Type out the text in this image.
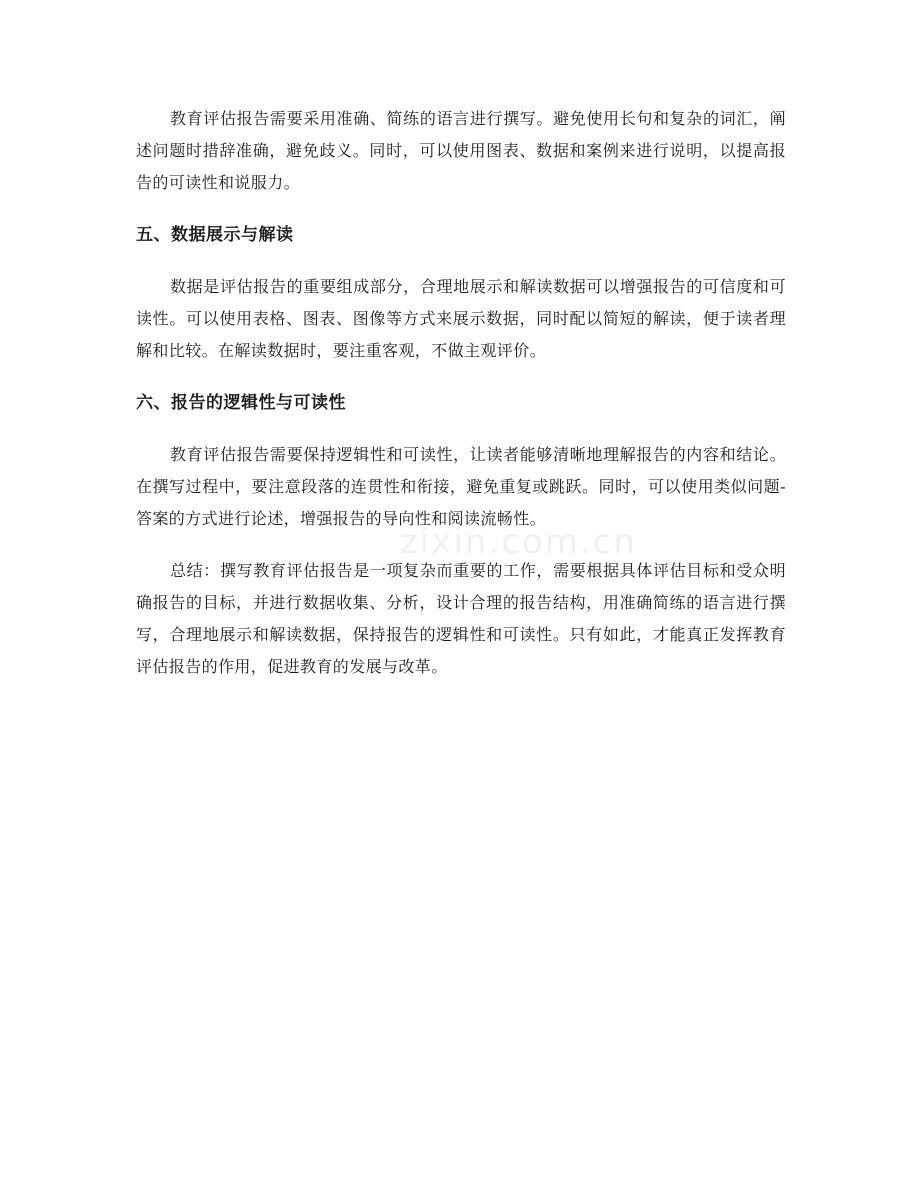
教育评估报告需要采用准确、简练的语言进行撰写。避免使用长句和复杂的词汇，阐述问题时措辞准确，避免歧义。同时，可以使用图表、数据和案例来进行说明，以提高报告的可读性和说服力。

五、数据展示与解读

数据是评估报告的重要组成部分，合理地展示和解读数据可以增强报告的可信度和可读性。可以使用表格、图表、图像等方式来展示数据，同时配以简短的解读，便于读者理解和比较。在解读数据时，要注重客观，不做主观评价。

六、报告的逻辑性与可读性

教育评估报告需要保持逻辑性和可读性，让读者能够清晰地理解报告的内容和结论。在撰写过程中，要注意段落的连贯性和衔接，避免重复或跳跃。同时，可以使用类似问题-答案的方式进行论述，增强报告的导向性和阅读流畅性。

总结：撰写教育评估报告是一项复杂而重要的工作，需要根据具体评估目标和受众明确报告的目标，并进行数据收集、分析，设计合理的报告结构，用准确简练的语言进行撰写，合理地展示和解读数据，保持报告的逻辑性和可读性。只有如此，才能真正发挥教育评估报告的作用，促进教育的发展与改革。

zixin.com.cn
